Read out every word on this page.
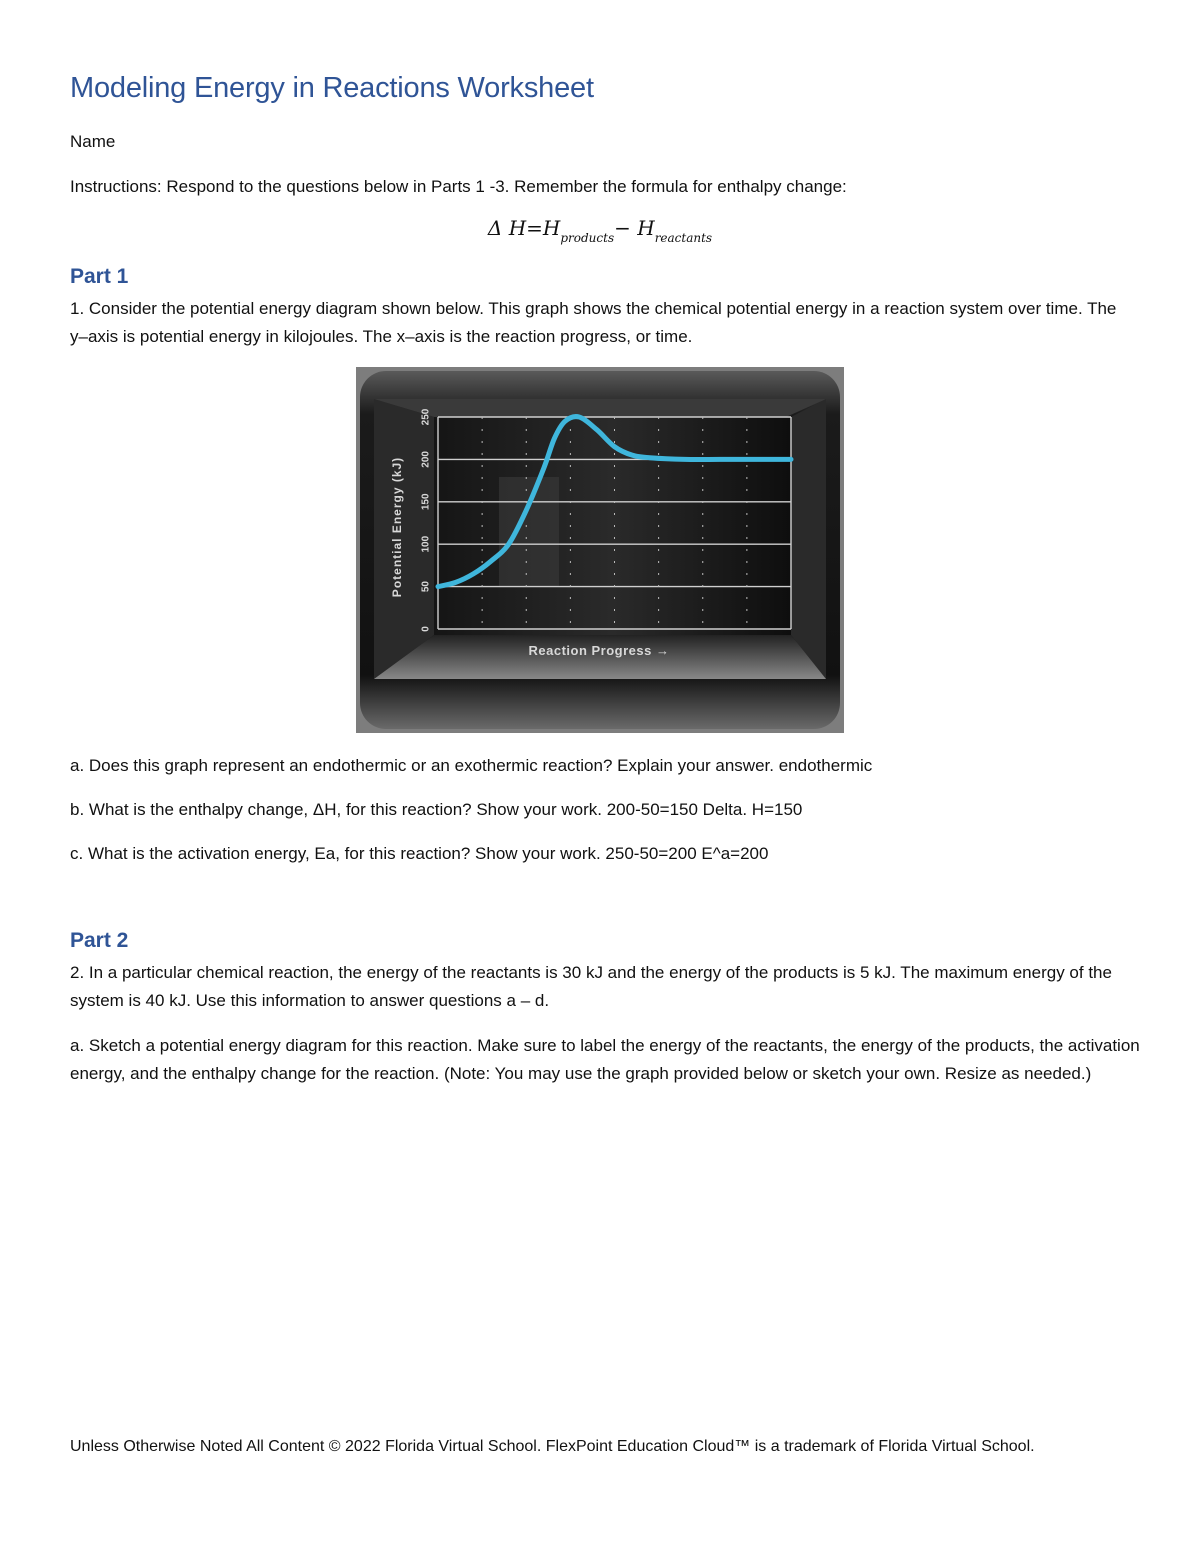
Modeling Energy in Reactions Worksheet
Name
Instructions: Respond to the questions below in Parts 1 -3. Remember the formula for enthalpy change:
Δ $H=H_{products}- H_{reactants}$
Part 1
1. Consider the potential energy diagram shown below. This graph shows the chemical potential energy in a reaction system over time. The y–axis is potential energy in kilojoules. The x–axis is the reaction progress, or time.
0
50
100
150
200
250
Potential Energy (kJ)
Reaction Progress →
a. Does this graph represent an endothermic or an exothermic reaction? Explain your answer. endothermic
b. What is the enthalpy change, ΔH, for this reaction? Show your work. 200-50=150 Delta. H=150
c. What is the activation energy, Ea, for this reaction? Show your work. 250-50=200 E^a=200
Part 2
2. In a particular chemical reaction, the energy of the reactants is 30 kJ and the energy of the products is 5 kJ. The maximum energy of the system is 40 kJ. Use this information to answer questions a – d.
a. Sketch a potential energy diagram for this reaction. Make sure to label the energy of the reactants, the energy of the products, the activation energy, and the enthalpy change for the reaction. (Note: You may use the graph provided below or sketch your own. Resize as needed.)
Unless Otherwise Noted All Content © 2022 Florida Virtual School. FlexPoint Education Cloud™ is a trademark of Florida Virtual School.
